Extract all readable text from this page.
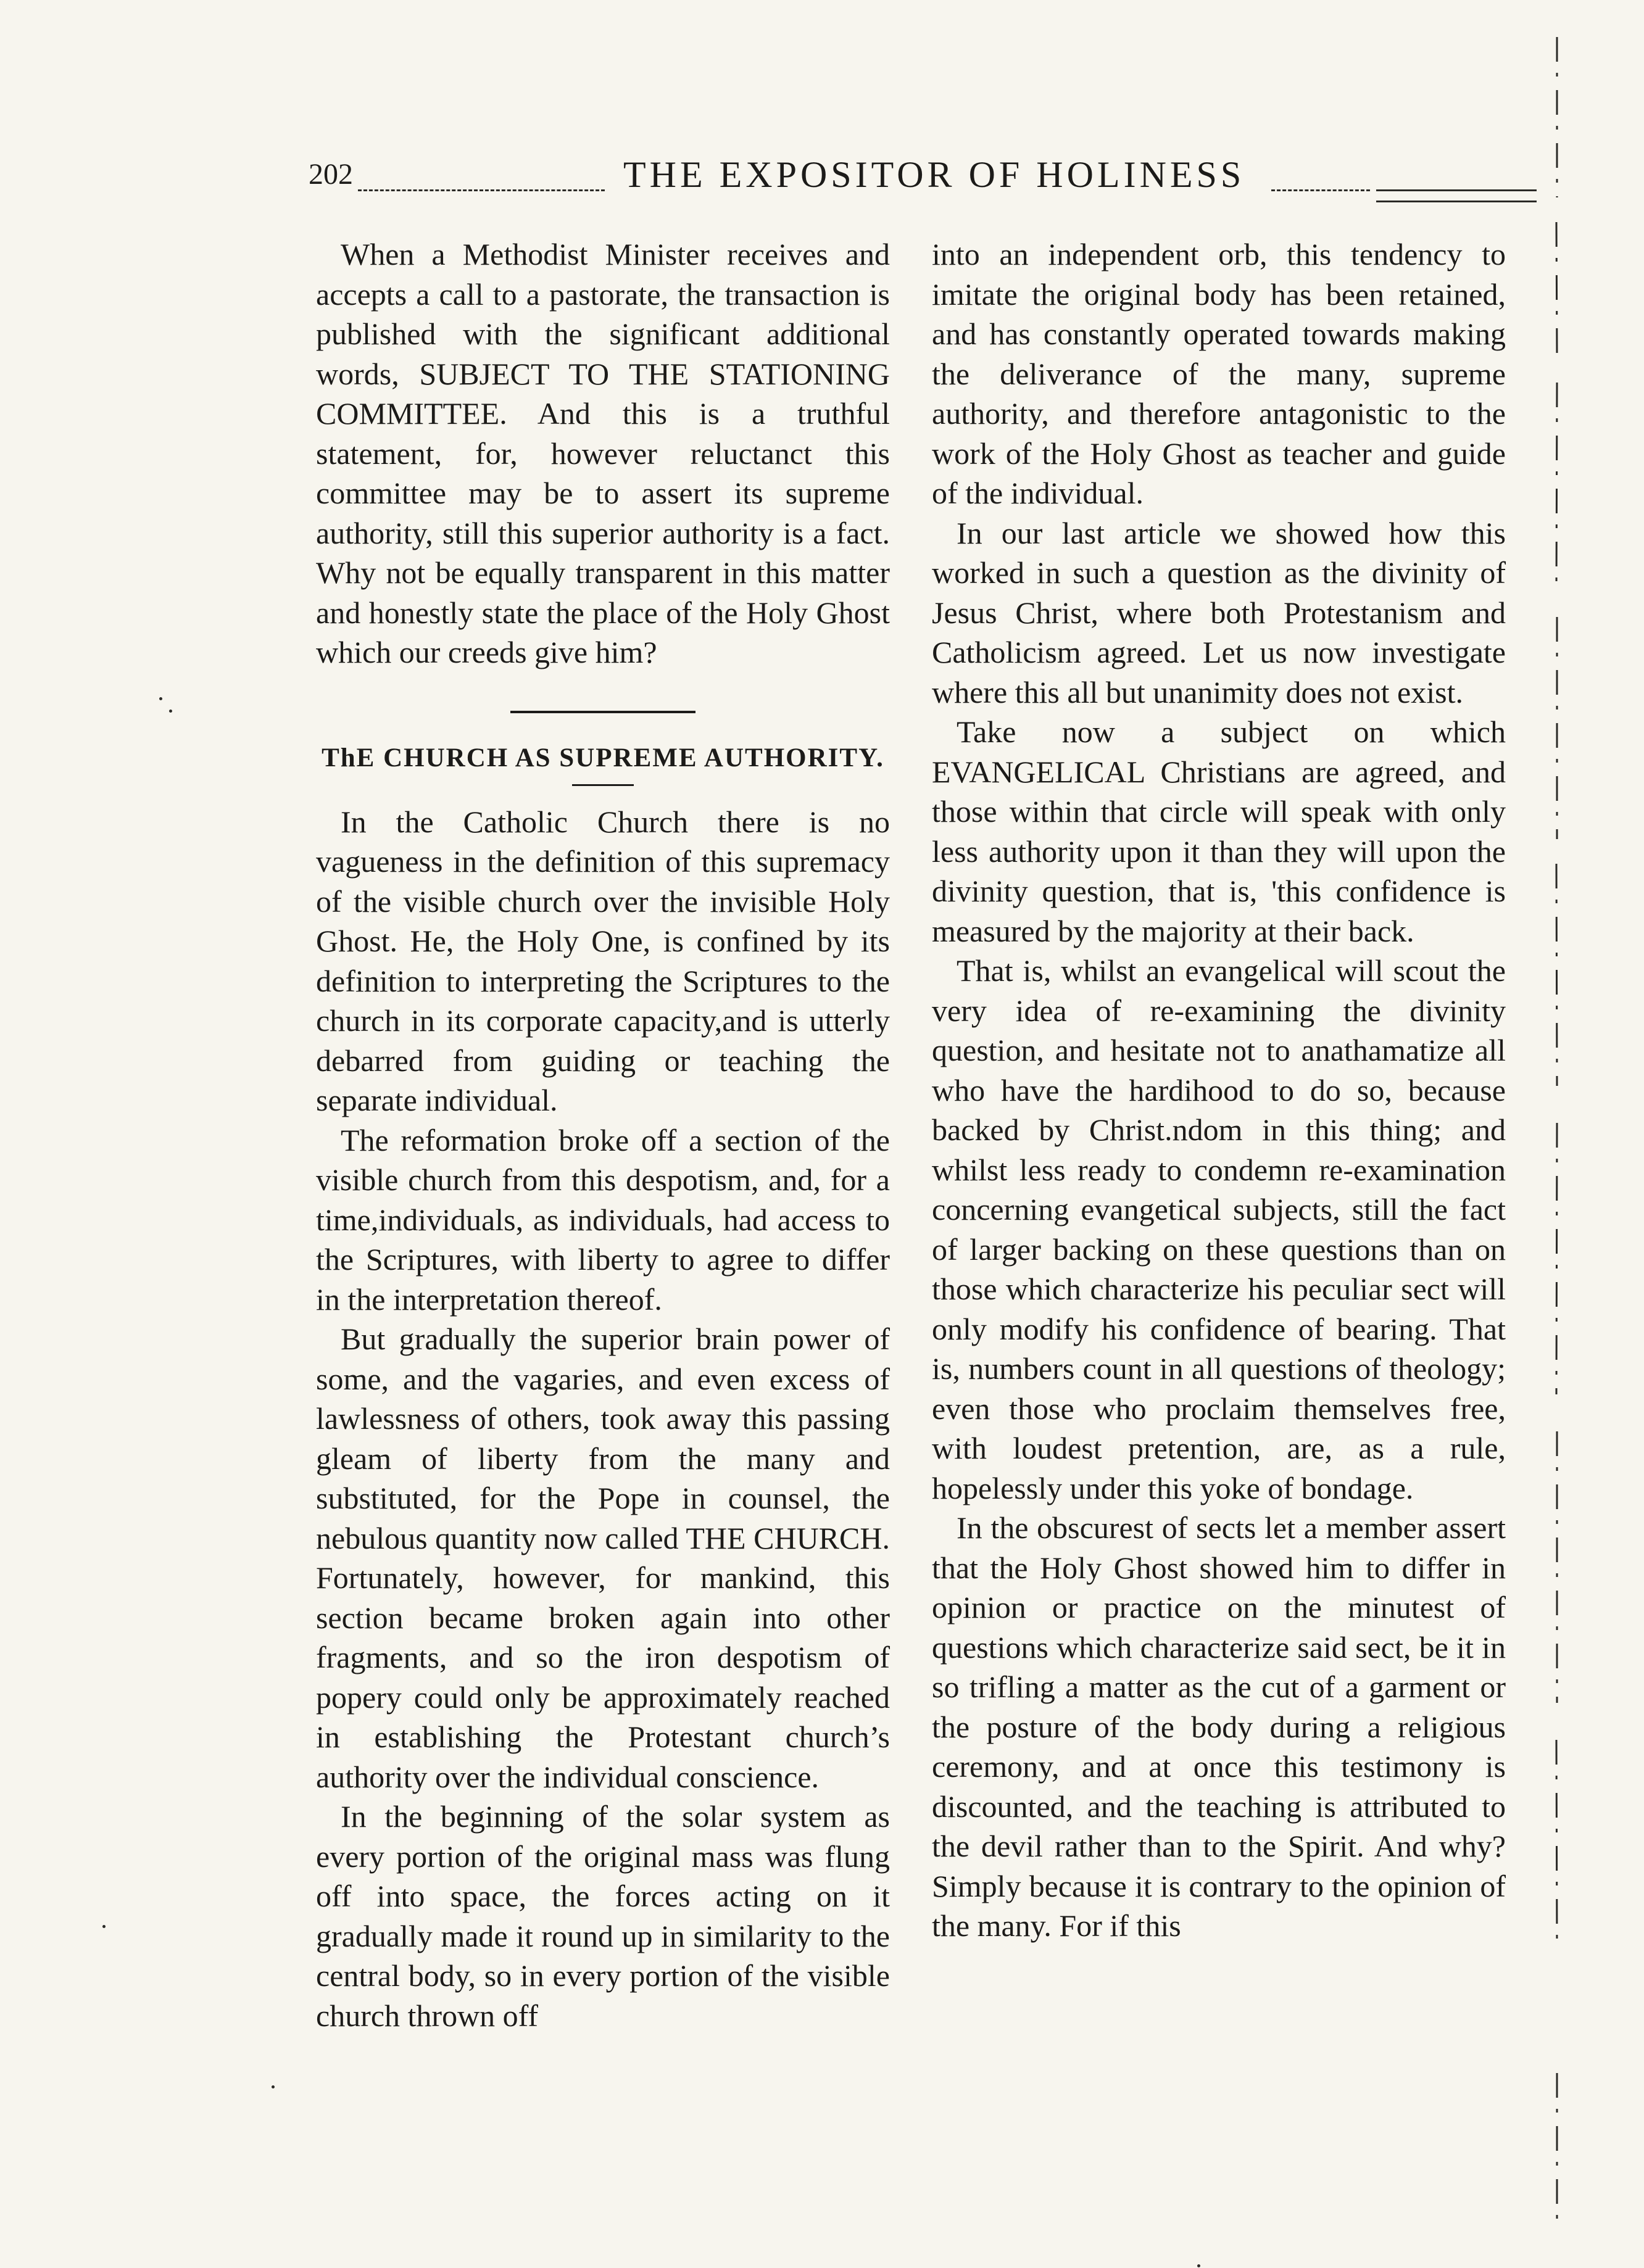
202	THE EXPOSITOR OF HOLINESS

When a Methodist Minister receives and accepts a call to a pastorate, the transaction is published with the significant additional words, SUBJECT TO THE STATIONING COMMITTEE. And this is a truthful statement, for, however reluctanct this committee may be to assert its supreme authority, still this superior authority is a fact. Why not be equally transparent in this matter and honestly state the place of the Holy Ghost which our creeds give him?

ThE CHURCH AS SUPREME AUTHORITY.

In the Catholic Church there is no vagueness in the definition of this supremacy of the visible church over the invisible Holy Ghost. He, the Holy One, is confined by its definition to interpreting the Scriptures to the church in its corporate capacity,and is utterly debarred from guiding or teaching the separate individual.

The reformation broke off a section of the visible church from this despotism, and, for a time,individuals, as individuals, had access to the Scriptures, with liberty to agree to differ in the interpretation thereof.

But gradually the superior brain power of some, and the vagaries, and even excess of lawlessness of others, took away this passing gleam of liberty from the many and substituted, for the Pope in counsel, the nebulous quantity now called THE CHURCH. Fortunately, however, for mankind, this section became broken again into other fragments, and so the iron despotism of popery could only be approximately reached in establishing the Protestant church’s authority over the individual conscience.

In the beginning of the solar system as every portion of the original mass was flung off into space, the forces acting on it gradually made it round up in similarity to the central body, so in every portion of the visible church thrown off

into an independent orb, this tendency to imitate the original body has been retained, and has constantly operated towards making the deliverance of the many, supreme authority, and therefore antagonistic to the work of the Holy Ghost as teacher and guide of the individual.

In our last article we showed how this worked in such a question as the divinity of Jesus Christ, where both Protestanism and Catholicism agreed. Let us now investigate where this all but unanimity does not exist.

Take now a subject on which EVANGELICAL Christians are agreed, and those within that circle will speak with only less authority upon it than they will upon the divinity question, that is, 'this confidence is measured by the majority at their back.

That is, whilst an evangelical will scout the very idea of re-examining the divinity question, and hesitate not to anathamatize all who have the hardihood to do so, because backed by Christ.ndom in this thing; and whilst less ready to condemn re-examination concerning evangetical subjects, still the fact of larger backing on these questions than on those which characterize his peculiar sect will only modify his confidence of bearing. That is, numbers count in all questions of theology; even those who proclaim themselves free, with loudest pretention, are, as a rule, hopelessly under this yoke of bondage.

In the obscurest of sects let a member assert that the Holy Ghost showed him to differ in opinion or practice on the minutest of questions which characterize said sect, be it in so trifling a matter as the cut of a garment or the posture of the body during a religious ceremony, and at once this testimony is discounted, and the teaching is attributed to the devil rather than to the Spirit. And why? Simply because it is contrary to the opinion of the many. For if this
